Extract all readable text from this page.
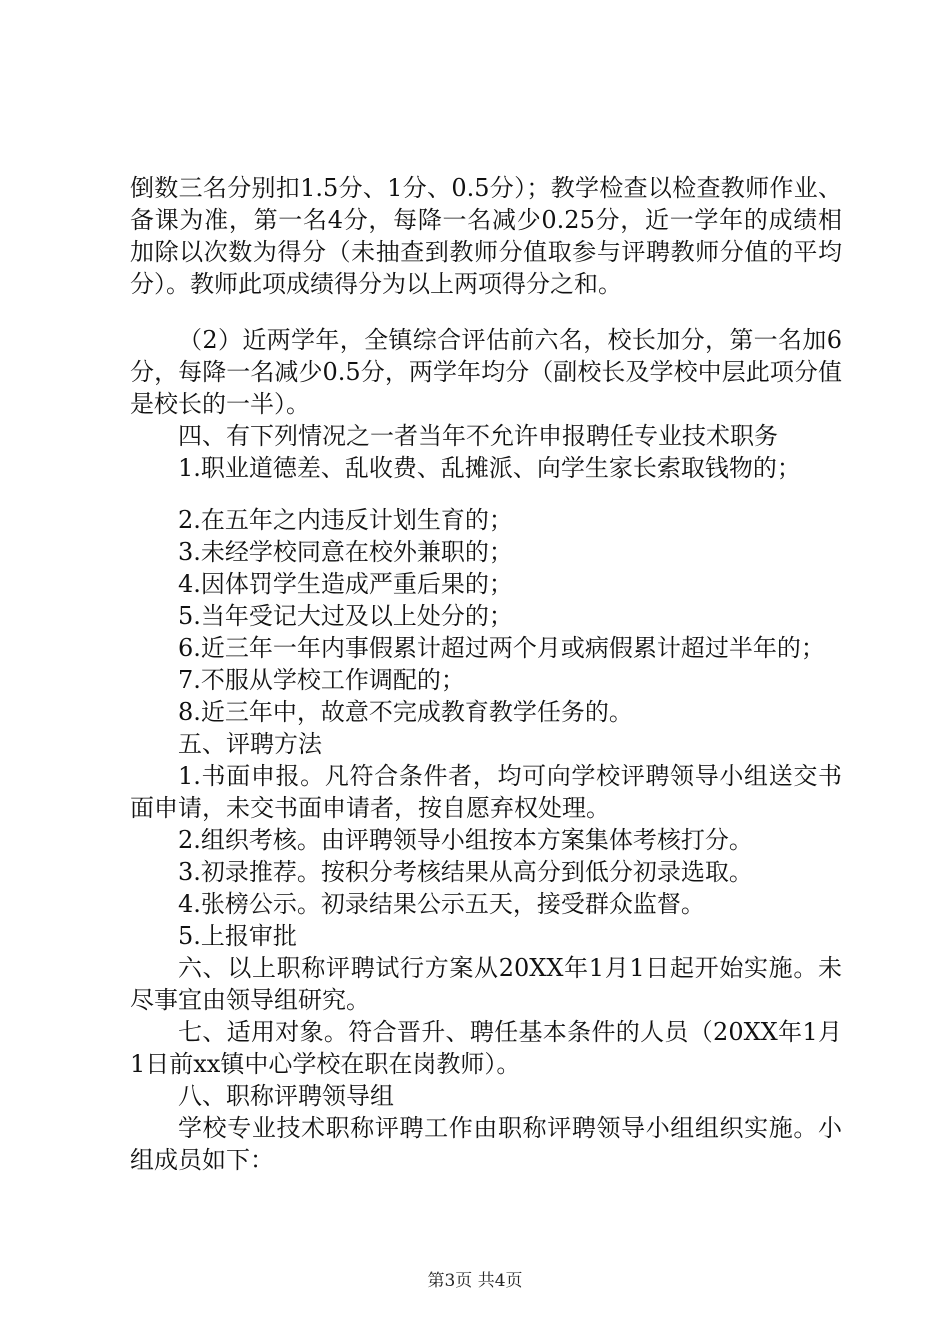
倒数三名分别扣1.5分、1分、0.5分）；教学检查以检查教师作业、备课为准，第一名4分，每降一名减少0.25分，近一学年的成绩相加除以次数为得分（未抽查到教师分值取参与评聘教师分值的平均分）。教师此项成绩得分为以上两项得分之和。

（2）近两学年，全镇综合评估前六名，校长加分，第一名加6分，每降一名减少0.5分，两学年均分（副校长及学校中层此项分值是校长的一半）。

四、有下列情况之一者当年不允许申报聘任专业技术职务

1.职业道德差、乱收费、乱摊派、向学生家长索取钱物的；

2.在五年之内违反计划生育的；

3.未经学校同意在校外兼职的；

4.因体罚学生造成严重后果的；

5.当年受记大过及以上处分的；

6.近三年一年内事假累计超过两个月或病假累计超过半年的；

7.不服从学校工作调配的；

8.近三年中，故意不完成教育教学任务的。

五、评聘方法

1.书面申报。凡符合条件者，均可向学校评聘领导小组送交书面申请，未交书面申请者，按自愿弃权处理。

2.组织考核。由评聘领导小组按本方案集体考核打分。

3.初录推荐。按积分考核结果从高分到低分初录选取。

4.张榜公示。初录结果公示五天，接受群众监督。

5.上报审批

六、以上职称评聘试行方案从20XX年1月1日起开始实施。未尽事宜由领导组研究。

七、适用对象。符合晋升、聘任基本条件的人员（20XX年1月1日前xx镇中心学校在职在岗教师）。

八、职称评聘领导组

学校专业技术职称评聘工作由职称评聘领导小组组织实施。小组成员如下：

第3页 共4页
